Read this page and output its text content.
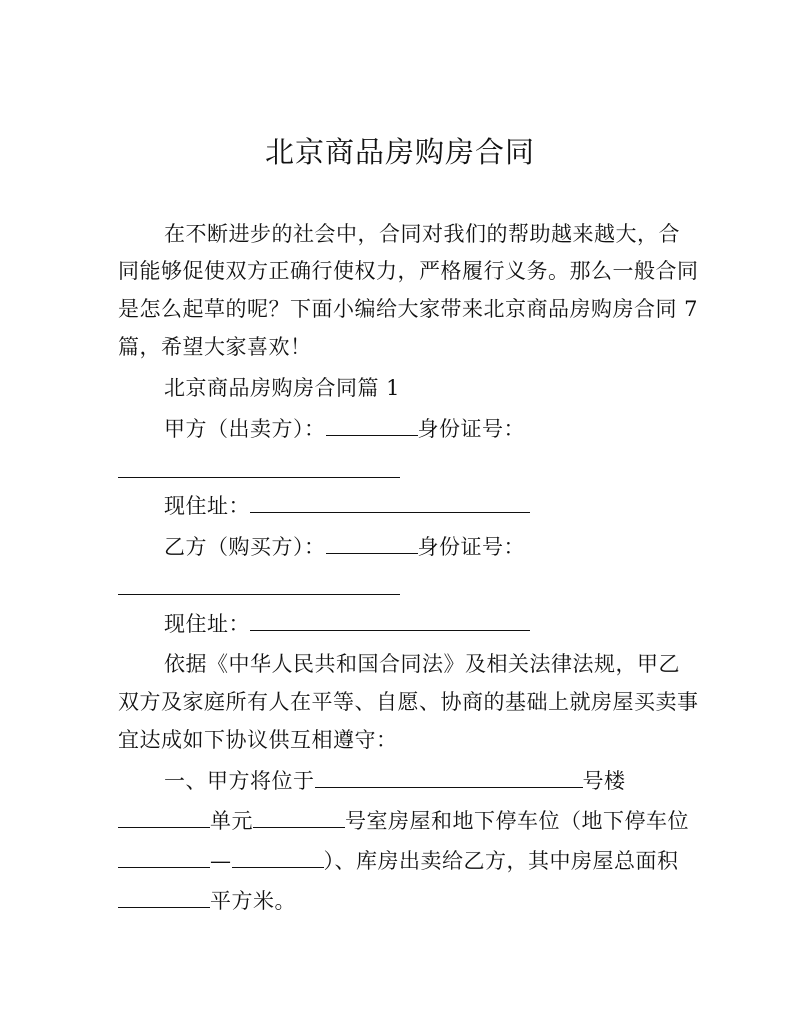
北京商品房购房合同
在不断进步的社会中，合同对我们的帮助越来越大，合
同能够促使双方正确行使权力，严格履行义务。那么一般合同
是怎么起草的呢？下面小编给大家带来北京商品房购房合同 7
篇，希望大家喜欢！
北京商品房购房合同篇 1
甲方（出卖方）：	身份证号：
现住址：
乙方（购买方）：	身份证号：
现住址：
依据《中华人民共和国合同法》及相关法律法规，甲乙
双方及家庭所有人在平等、自愿、协商的基础上就房屋买卖事
宜达成如下协议供互相遵守：
一、甲方将位于	号楼
单元	号室房屋和地下停车位（地下停车位
—	）、库房出卖给乙方，其中房屋总面积
平方米。
